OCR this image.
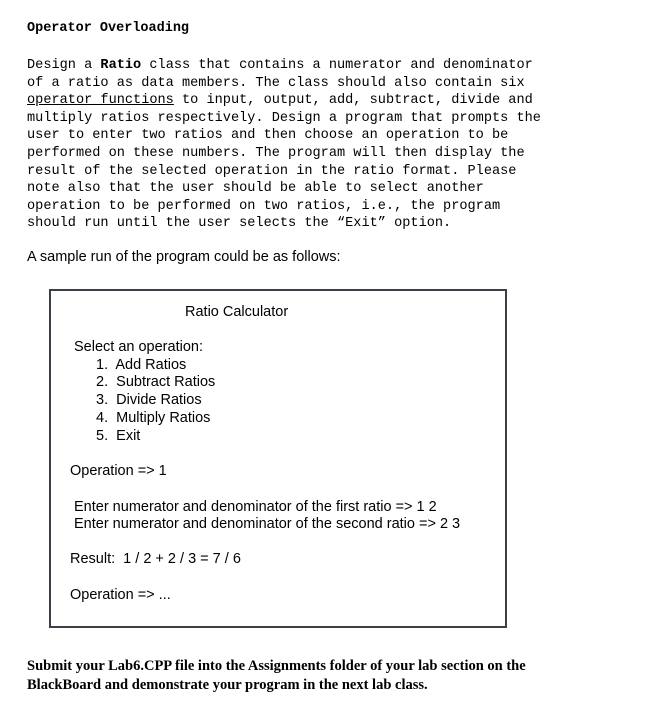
Operator Overloading
Design a Ratio class that contains a numerator and denominator
of a ratio as data members. The class should also contain six
operator functions to input, output, add, subtract, divide and
multiply ratios respectively. Design a program that prompts the
user to enter two ratios and then choose an operation to be
performed on these numbers. The program will then display the
result of the selected operation in the ratio format. Please
note also that the user should be able to select another
operation to be performed on two ratios, i.e., the program
should run until the user selects the “Exit” option.
A sample run of the program could be as follows:
Ratio Calculator
Select an operation:
1.  Add Ratios
2.  Subtract Ratios
3.  Divide Ratios
4.  Multiply Ratios
5.  Exit
Operation => 1
Enter numerator and denominator of the first ratio => 1 2
Enter numerator and denominator of the second ratio => 2 3
Result:  1 / 2 + 2 / 3 = 7 / 6
Operation => ...
Submit your Lab6.CPP file into the Assignments folder of your lab section on the
BlackBoard and demonstrate your program in the next lab class.
